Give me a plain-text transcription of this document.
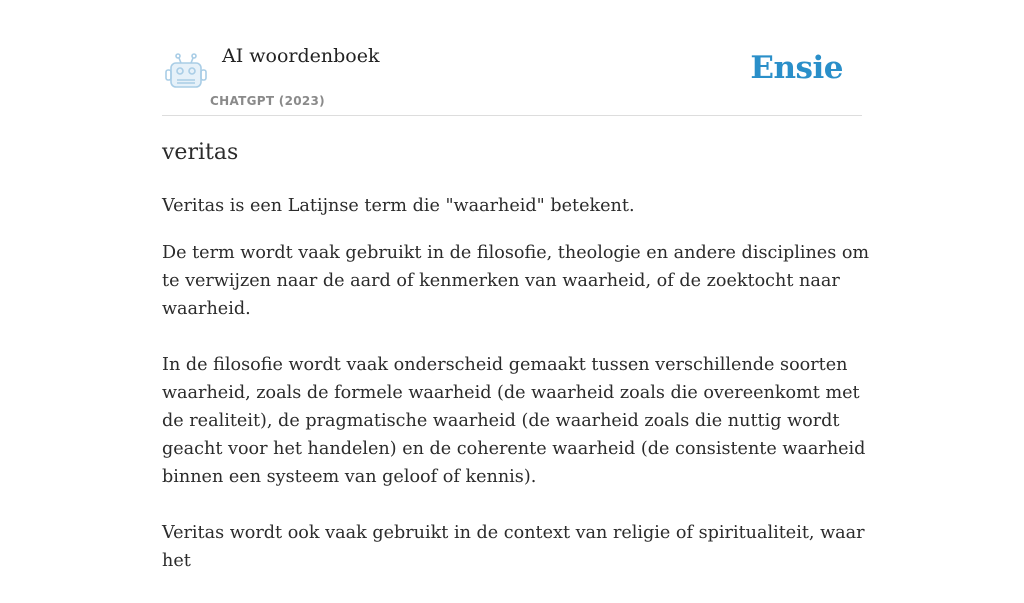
AI woordenboek
CHATGPT (2023)
Ensie
veritas

Veritas is een Latijnse term die "waarheid" betekent.

De term wordt vaak gebruikt in de filosofie, theologie en andere disciplines om te verwijzen naar de aard of kenmerken van waarheid, of de zoektocht naar waarheid.

In de filosofie wordt vaak onderscheid gemaakt tussen verschillende soorten waarheid, zoals de formele waarheid (de waarheid zoals die overeenkomt met de realiteit), de pragmatische waarheid (de waarheid zoals die nuttig wordt geacht voor het handelen) en de coherente waarheid (de consistente waarheid binnen een systeem van geloof of kennis).

Veritas wordt ook vaak gebruikt in de context van religie of spiritualiteit, waar het
